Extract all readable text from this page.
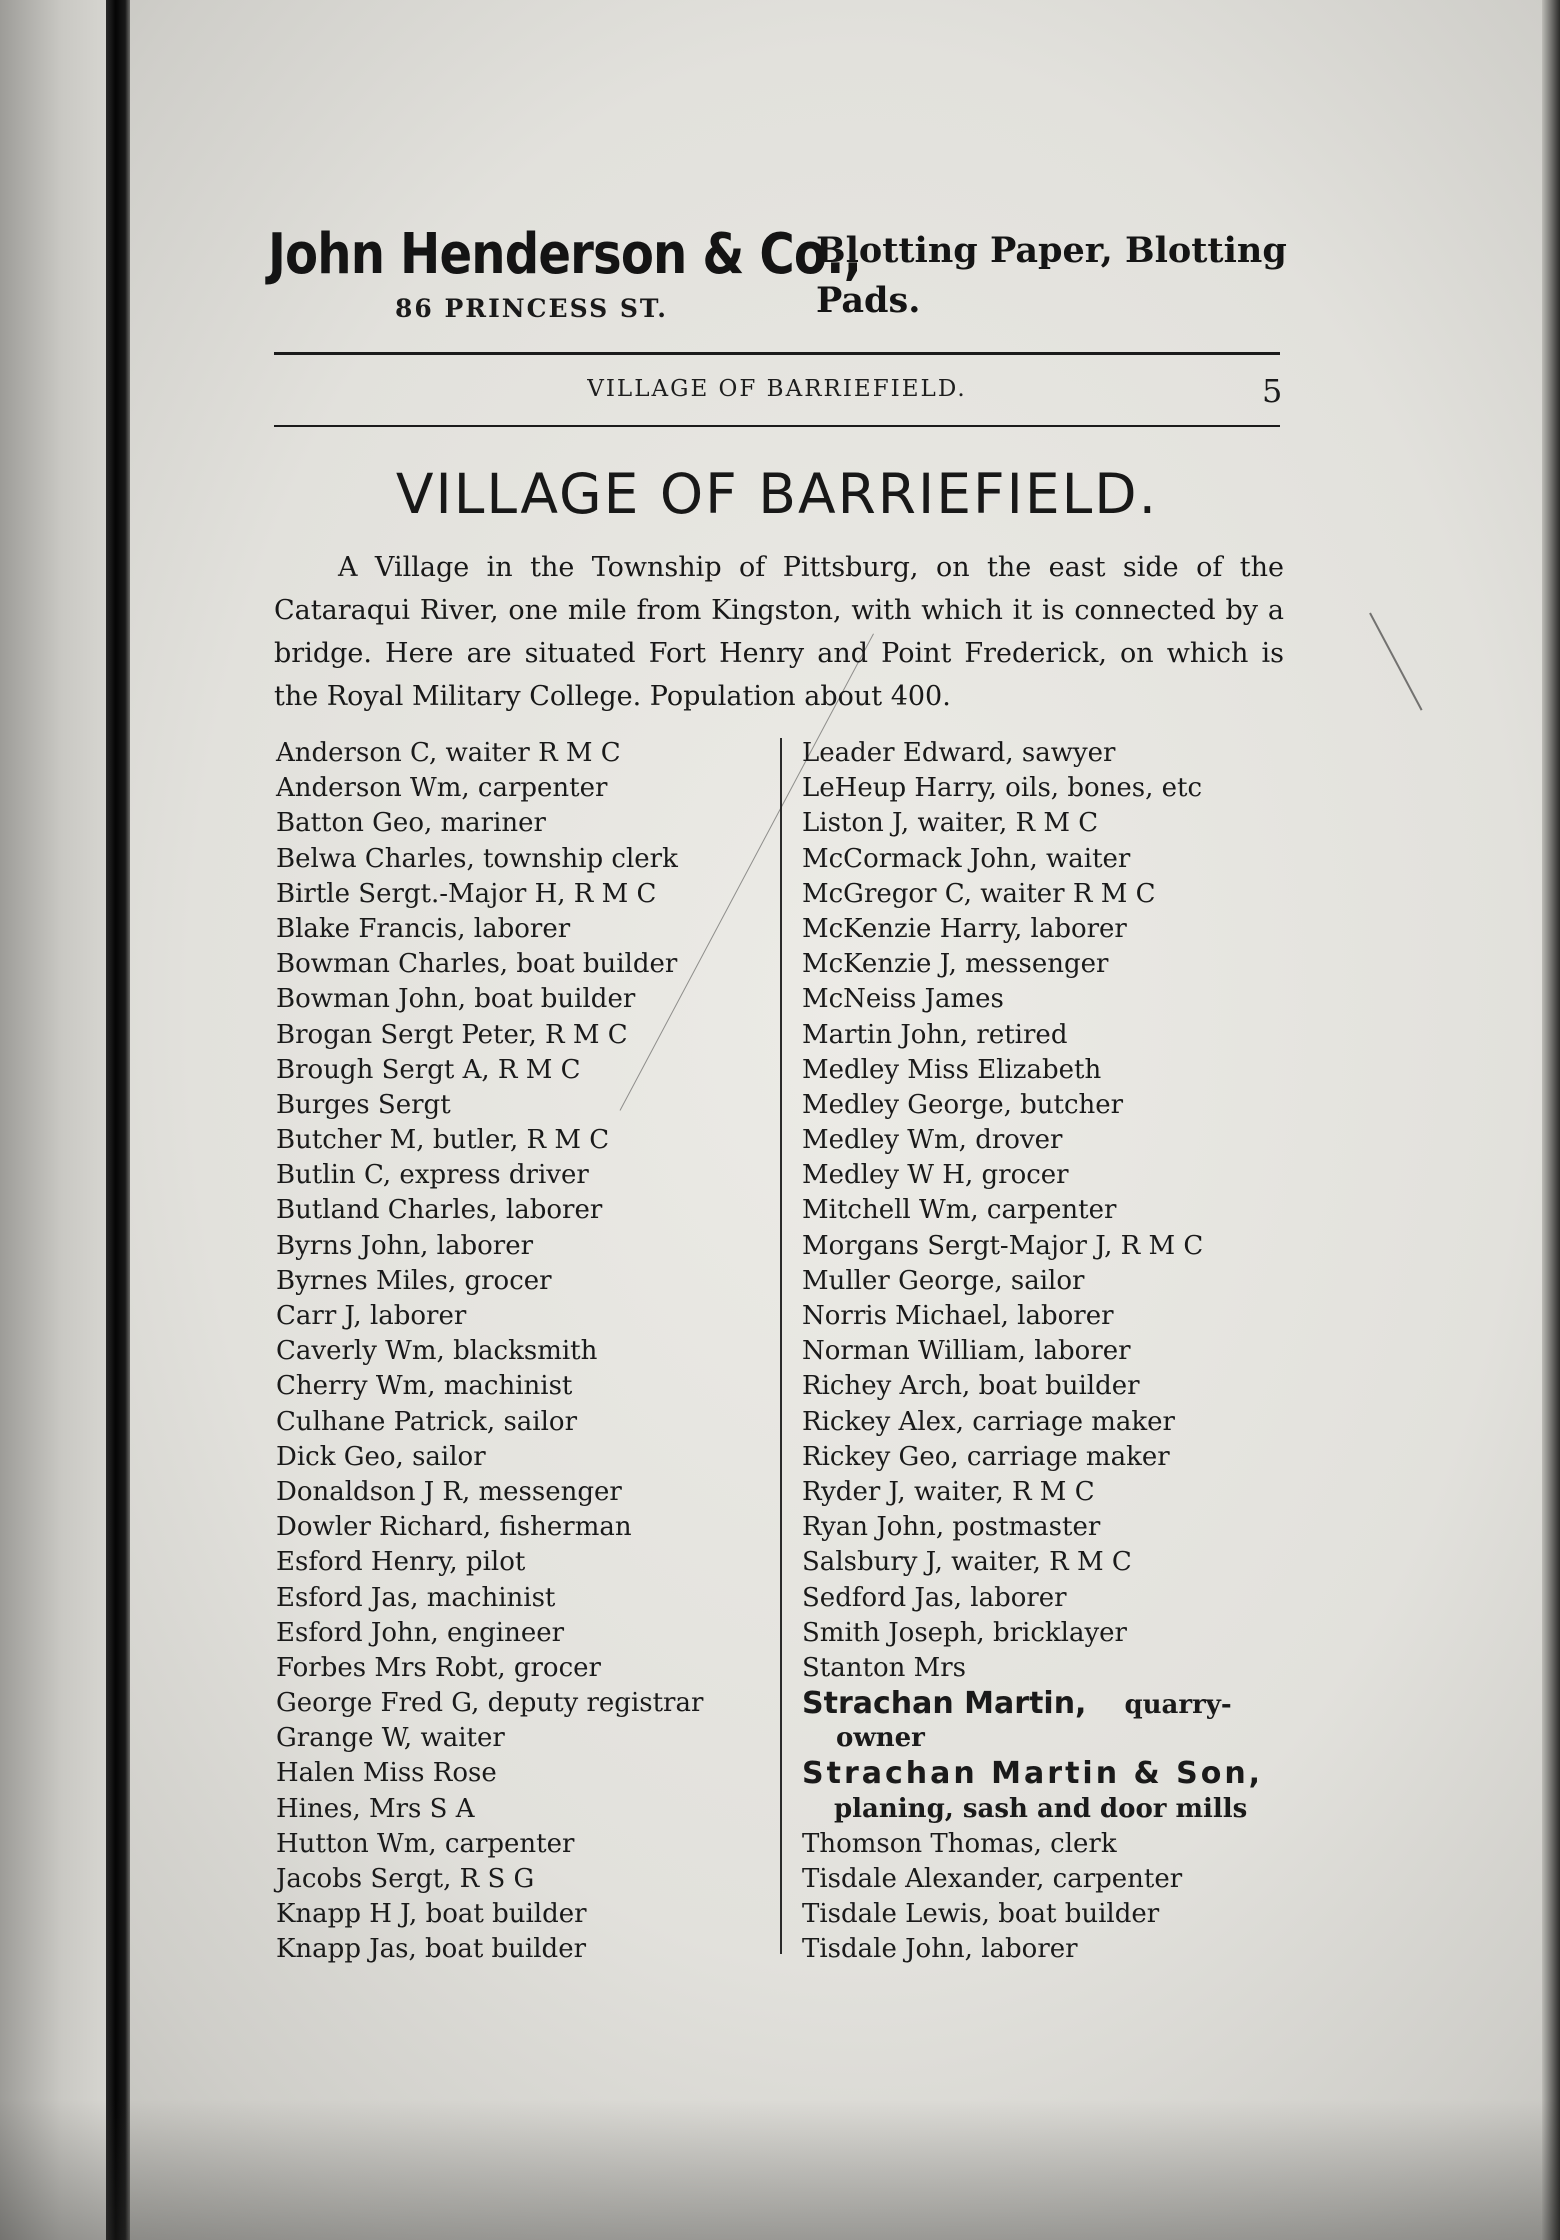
John Henderson & Co.,
86 PRINCESS ST.
Blotting Paper, Blotting Pads.
VILLAGE OF BARRIEFIELD.	5
VILLAGE OF BARRIEFIELD.

A Village in the Township of Pittsburg, on the east side of the Cataraqui River, one mile from Kingston, with which it is connected by a bridge. Here are situated Fort Henry and Point Frederick, on which is the Royal Military College. Population about 400.

Anderson C, waiter R M C
Anderson Wm, carpenter
Batton Geo, mariner
Belwa Charles, township clerk
Birtle Sergt.-Major H, R M C
Blake Francis, laborer
Bowman Charles, boat builder
Bowman John, boat builder
Brogan Sergt Peter, R M C
Brough Sergt A, R M C
Burges Sergt
Butcher M, butler, R M C
Butlin C, express driver
Butland Charles, laborer
Byrns John, laborer
Byrnes Miles, grocer
Carr J, laborer
Caverly Wm, blacksmith
Cherry Wm, machinist
Culhane Patrick, sailor
Dick Geo, sailor
Donaldson J R, messenger
Dowler Richard, fisherman
Esford Henry, pilot
Esford Jas, machinist
Esford John, engineer
Forbes Mrs Robt, grocer
George Fred G, deputy registrar
Grange W, waiter
Halen Miss Rose
Hines, Mrs S A
Hutton Wm, carpenter
Jacobs Sergt, R S G
Knapp H J, boat builder
Knapp Jas, boat builder
Leader Edward, sawyer
LeHeup Harry, oils, bones, etc
Liston J, waiter, R M C
McCormack John, waiter
McGregor C, waiter R M C
McKenzie Harry, laborer
McKenzie J, messenger
McNeiss James
Martin John, retired
Medley Miss Elizabeth
Medley George, butcher
Medley Wm, drover
Medley W H, grocer
Mitchell Wm, carpenter
Morgans Sergt-Major J, R M C
Muller George, sailor
Norris Michael, laborer
Norman William, laborer
Richey Arch, boat builder
Rickey Alex, carriage maker
Rickey Geo, carriage maker
Ryder J, waiter, R M C
Ryan John, postmaster
Salsbury J, waiter, R M C
Sedford Jas, laborer
Smith Joseph, bricklayer
Stanton Mrs
Strachan Martin, quarry-
owner
Strachan Martin & Son,
planing, sash and door mills
Thomson Thomas, clerk
Tisdale Alexander, carpenter
Tisdale Lewis, boat builder
Tisdale John, laborer
